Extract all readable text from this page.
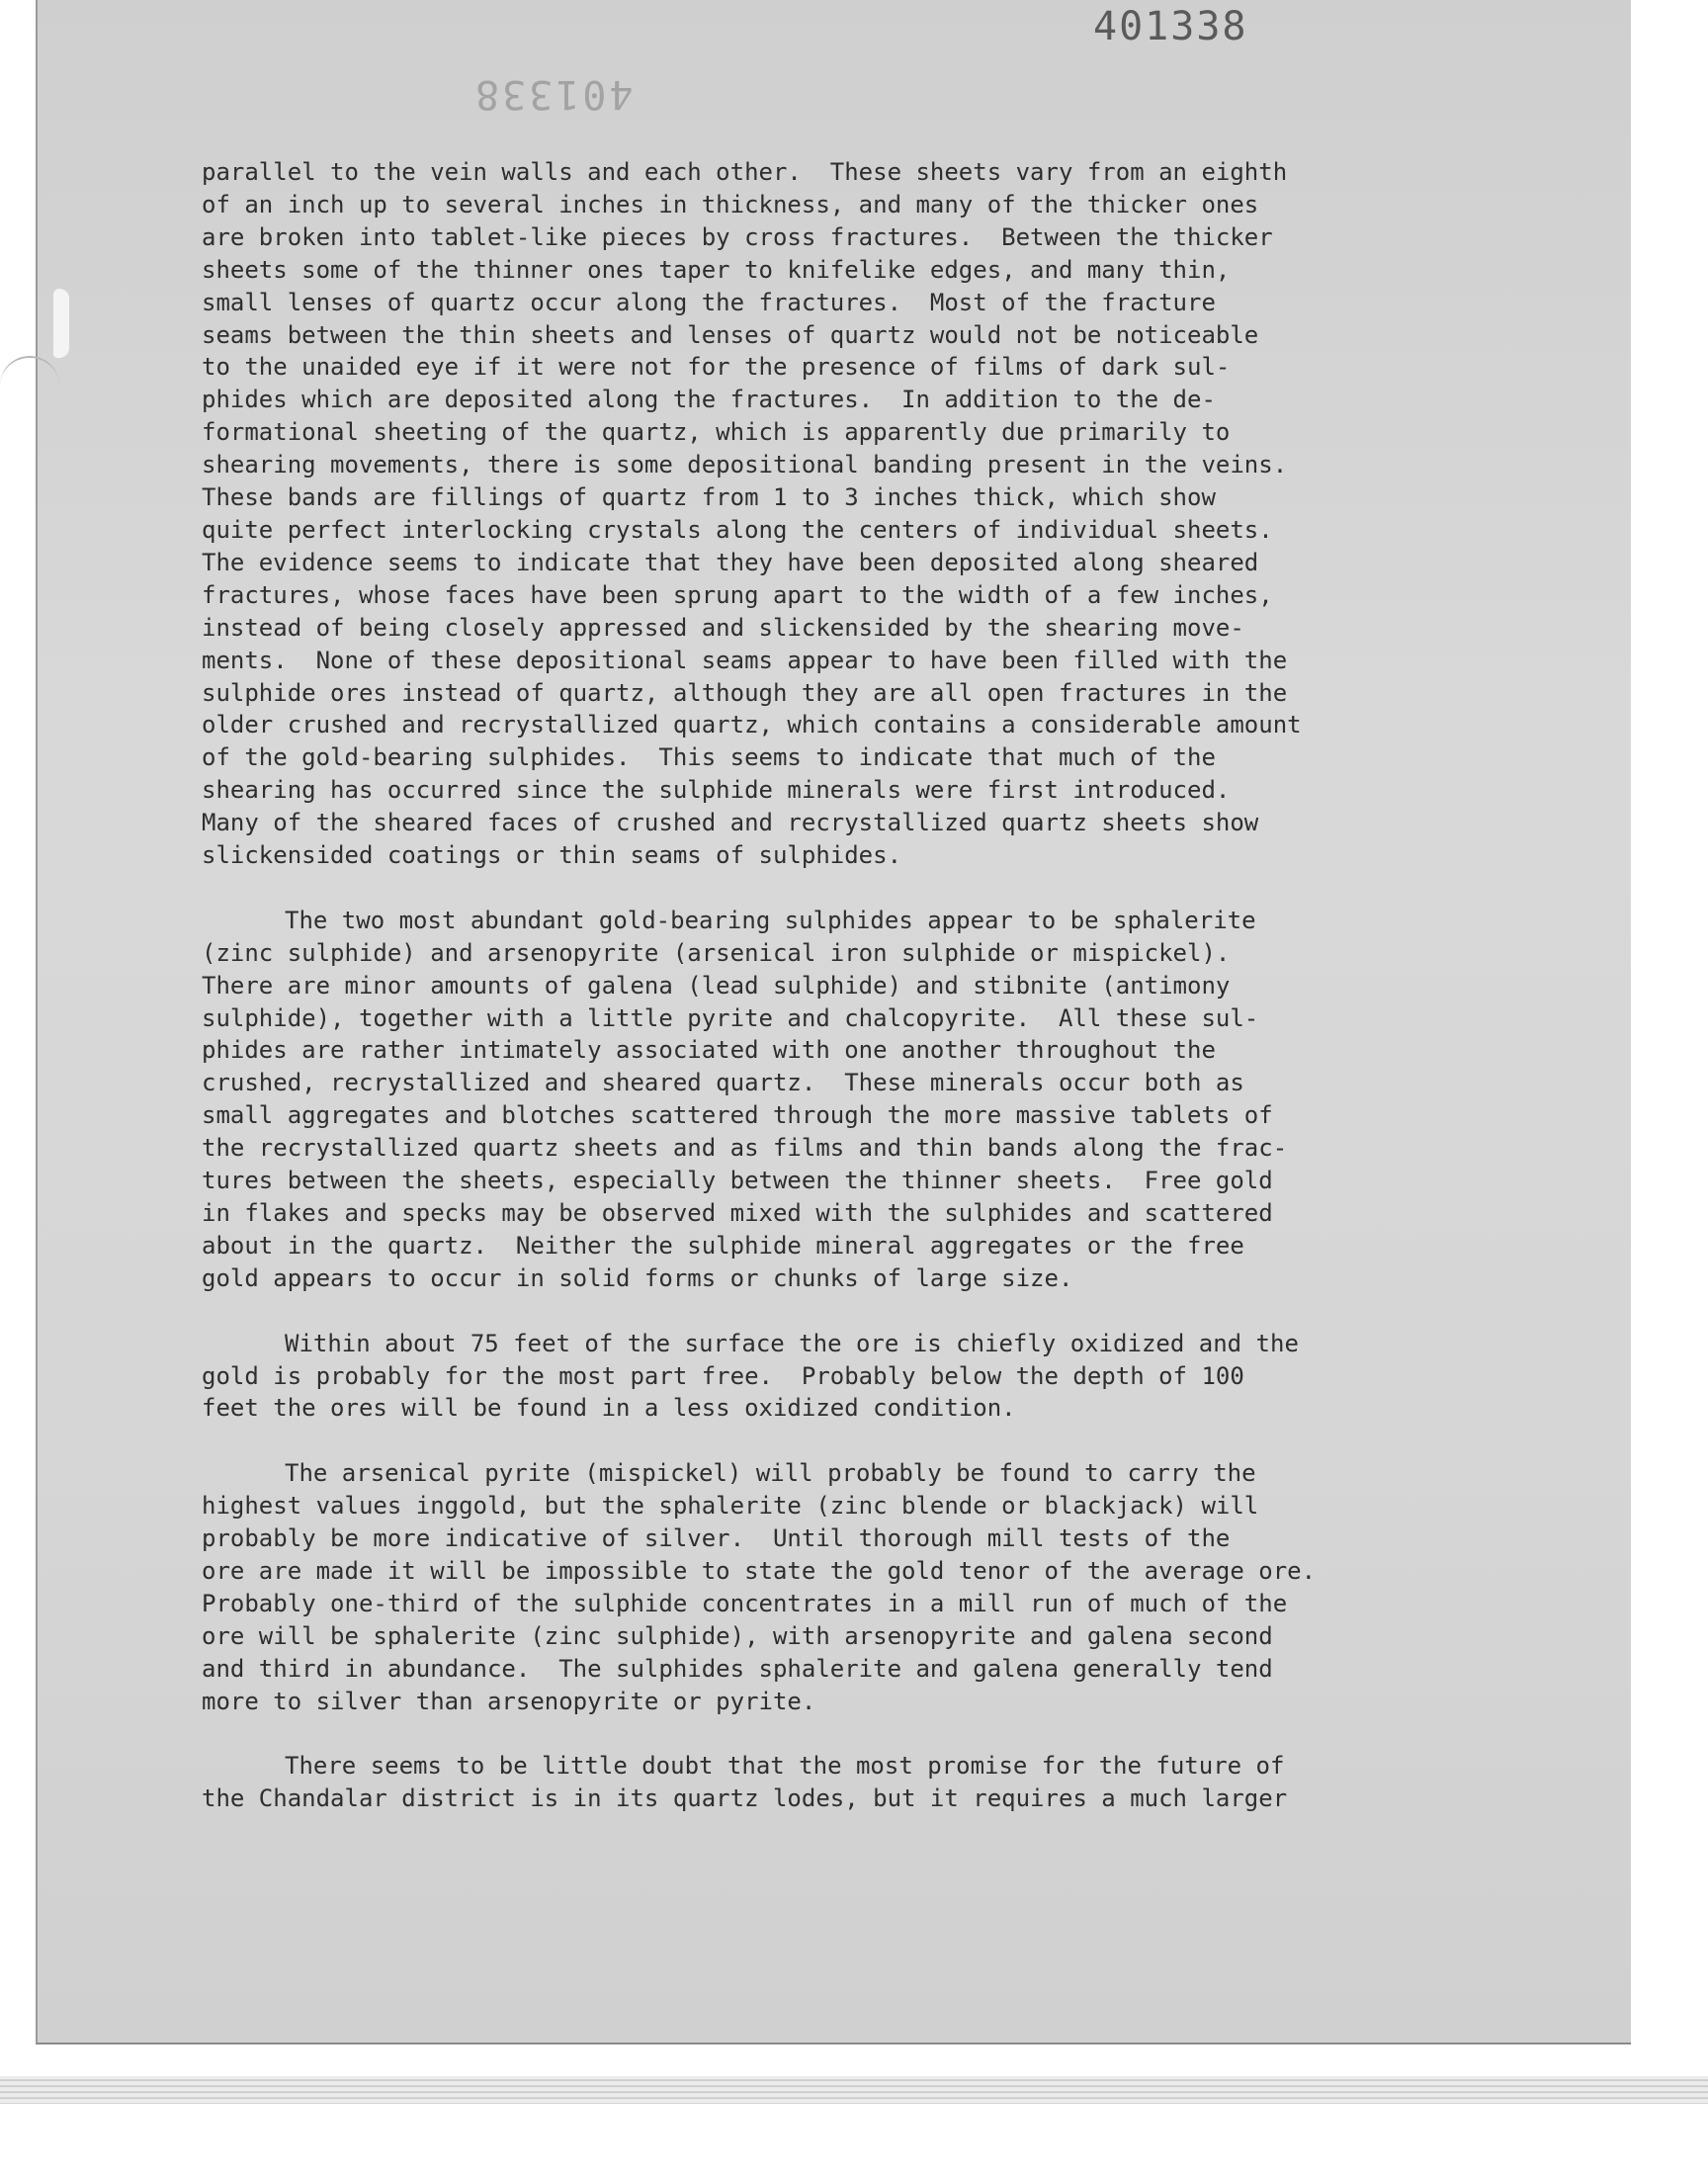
401338
401338
parallel to the vein walls and each other.  These sheets vary from an eighth
of an inch up to several inches in thickness, and many of the thicker ones
are broken into tablet-like pieces by cross fractures.  Between the thicker
sheets some of the thinner ones taper to knifelike edges, and many thin,
small lenses of quartz occur along the fractures.  Most of the fracture
seams between the thin sheets and lenses of quartz would not be noticeable
to the unaided eye if it were not for the presence of films of dark sul-
phides which are deposited along the fractures.  In addition to the de-
formational sheeting of the quartz, which is apparently due primarily to
shearing movements, there is some depositional banding present in the veins.
These bands are fillings of quartz from 1 to 3 inches thick, which show
quite perfect interlocking crystals along the centers of individual sheets.
The evidence seems to indicate that they have been deposited along sheared
fractures, whose faces have been sprung apart to the width of a few inches,
instead of being closely appressed and slickensided by the shearing move-
ments.  None of these depositional seams appear to have been filled with the
sulphide ores instead of quartz, although they are all open fractures in the
older crushed and recrystallized quartz, which contains a considerable amount
of the gold-bearing sulphides.  This seems to indicate that much of the
shearing has occurred since the sulphide minerals were first introduced.
Many of the sheared faces of crushed and recrystallized quartz sheets show
slickensided coatings or thin seams of sulphides.
The two most abundant gold-bearing sulphides appear to be sphalerite
(zinc sulphide) and arsenopyrite (arsenical iron sulphide or mispickel).
There are minor amounts of galena (lead sulphide) and stibnite (antimony
sulphide), together with a little pyrite and chalcopyrite.  All these sul-
phides are rather intimately associated with one another throughout the
crushed, recrystallized and sheared quartz.  These minerals occur both as
small aggregates and blotches scattered through the more massive tablets of
the recrystallized quartz sheets and as films and thin bands along the frac-
tures between the sheets, especially between the thinner sheets.  Free gold
in flakes and specks may be observed mixed with the sulphides and scattered
about in the quartz.  Neither the sulphide mineral aggregates or the free
gold appears to occur in solid forms or chunks of large size.
Within about 75 feet of the surface the ore is chiefly oxidized and the
gold is probably for the most part free.  Probably below the depth of 100
feet the ores will be found in a less oxidized condition.
The arsenical pyrite (mispickel) will probably be found to carry the
highest values inggold, but the sphalerite (zinc blende or blackjack) will
probably be more indicative of silver.  Until thorough mill tests of the
ore are made it will be impossible to state the gold tenor of the average ore.
Probably one-third of the sulphide concentrates in a mill run of much of the
ore will be sphalerite (zinc sulphide), with arsenopyrite and galena second
and third in abundance.  The sulphides sphalerite and galena generally tend
more to silver than arsenopyrite or pyrite.
There seems to be little doubt that the most promise for the future of
the Chandalar district is in its quartz lodes, but it requires a much larger
